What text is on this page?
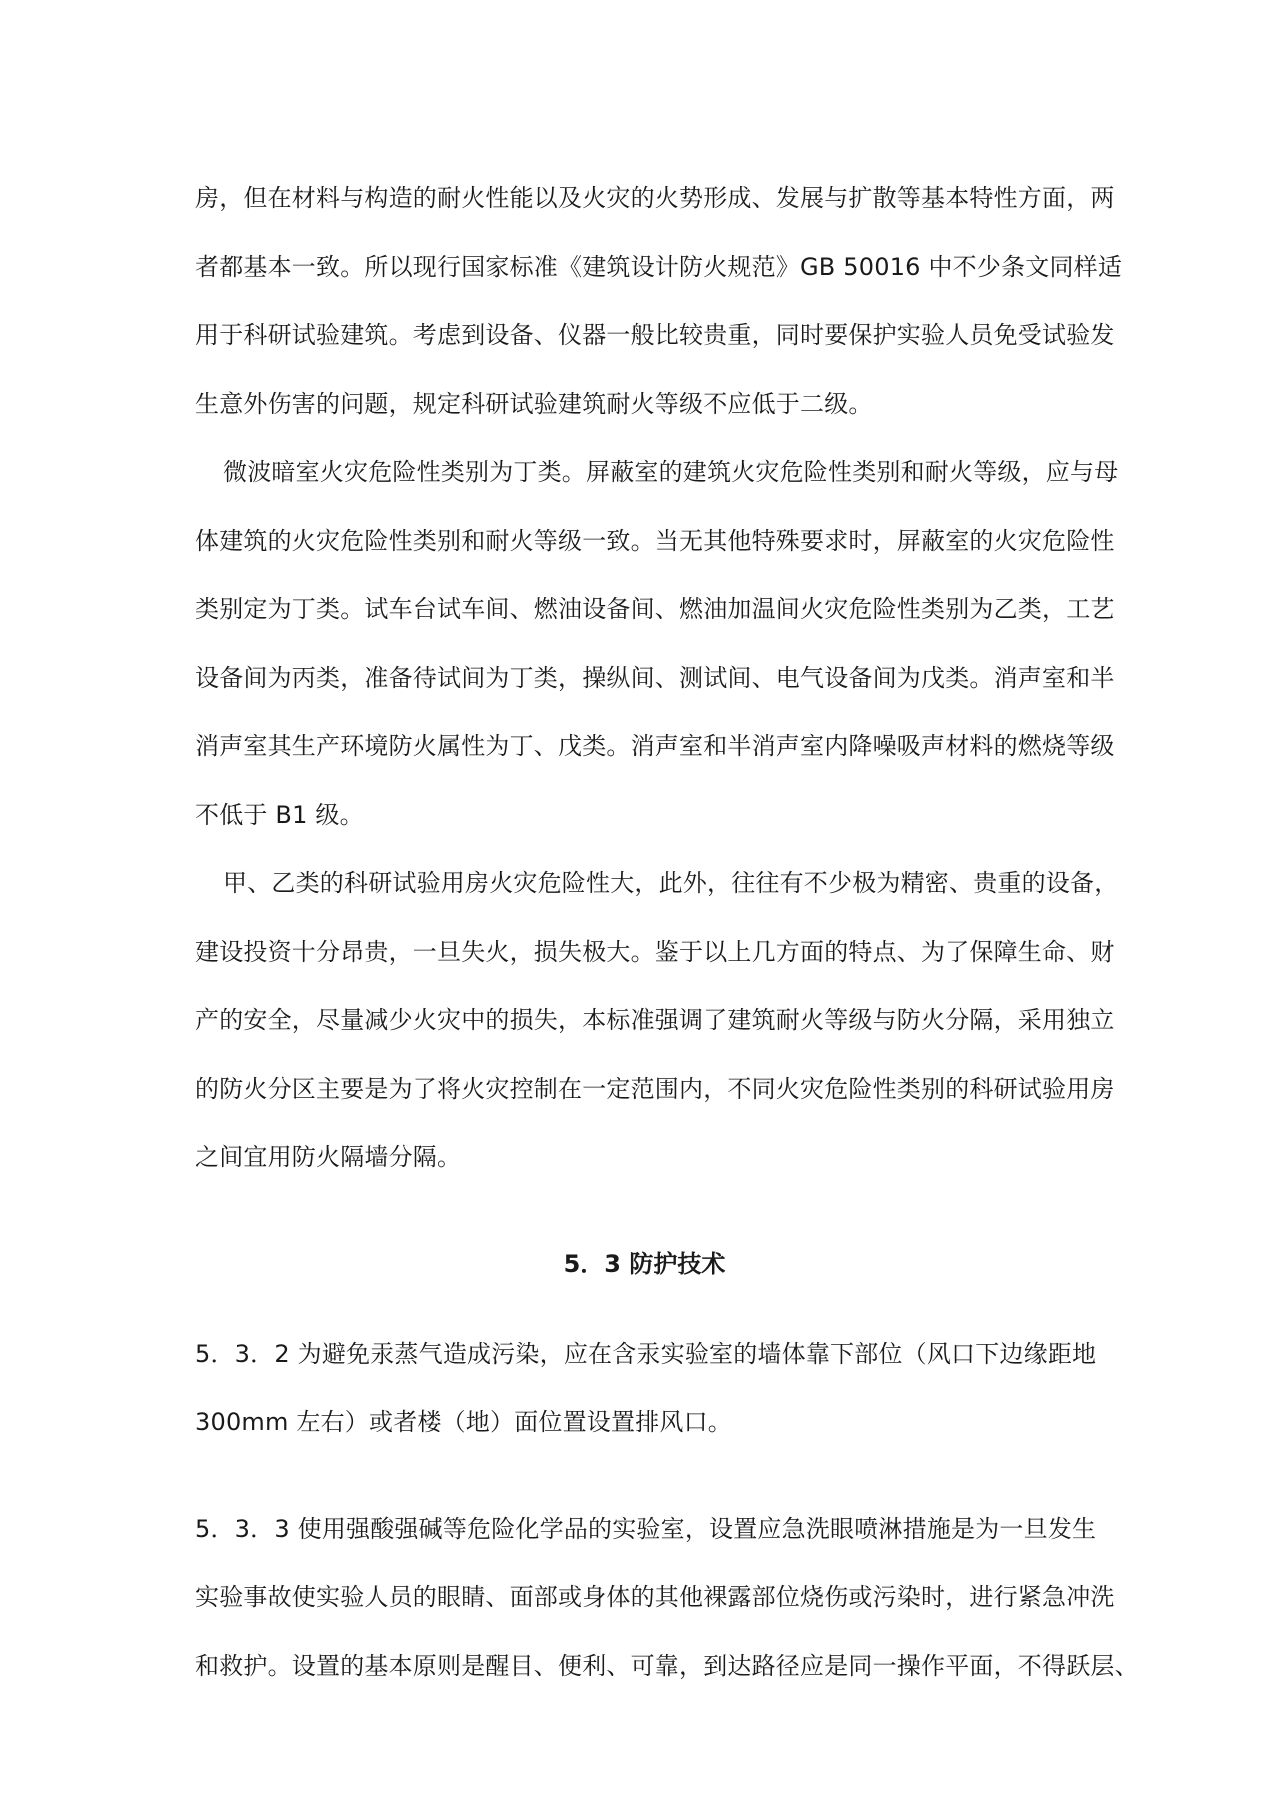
房，但在材料与构造的耐火性能以及火灾的火势形成、发展与扩散等基本特性方面，两
者都基本一致。所以现行国家标准《建筑设计防火规范》GB 50016 中不少条文同样适
用于科研试验建筑。考虑到设备、仪器一般比较贵重，同时要保护实验人员免受试验发
生意外伤害的问题，规定科研试验建筑耐火等级不应低于二级。

微波暗室火灾危险性类别为丁类。屏蔽室的建筑火灾危险性类别和耐火等级，应与母
体建筑的火灾危险性类别和耐火等级一致。当无其他特殊要求时，屏蔽室的火灾危险性
类别定为丁类。试车台试车间、燃油设备间、燃油加温间火灾危险性类别为乙类，工艺
设备间为丙类，准备待试间为丁类，操纵间、测试间、电气设备间为戊类。消声室和半
消声室其生产环境防火属性为丁、戊类。消声室和半消声室内降噪吸声材料的燃烧等级
不低于 B1 级。

甲、乙类的科研试验用房火灾危险性大，此外，往往有不少极为精密、贵重的设备，
建设投资十分昂贵，一旦失火，损失极大。鉴于以上几方面的特点、为了保障生命、财
产的安全，尽量减少火灾中的损失，本标准强调了建筑耐火等级与防火分隔，采用独立
的防火分区主要是为了将火灾控制在一定范围内，不同火灾危险性类别的科研试验用房
之间宜用防火隔墙分隔。

5．3 防护技术

5．3．2 为避免汞蒸气造成污染，应在含汞实验室的墙体靠下部位（风口下边缘距地
300mm 左右）或者楼（地）面位置设置排风口。

5．3．3 使用强酸强碱等危险化学品的实验室，设置应急洗眼喷淋措施是为一旦发生
实验事故使实验人员的眼睛、面部或身体的其他裸露部位烧伤或污染时，进行紧急冲洗
和救护。设置的基本原则是醒目、便利、可靠，到达路径应是同一操作平面，不得跃层、
